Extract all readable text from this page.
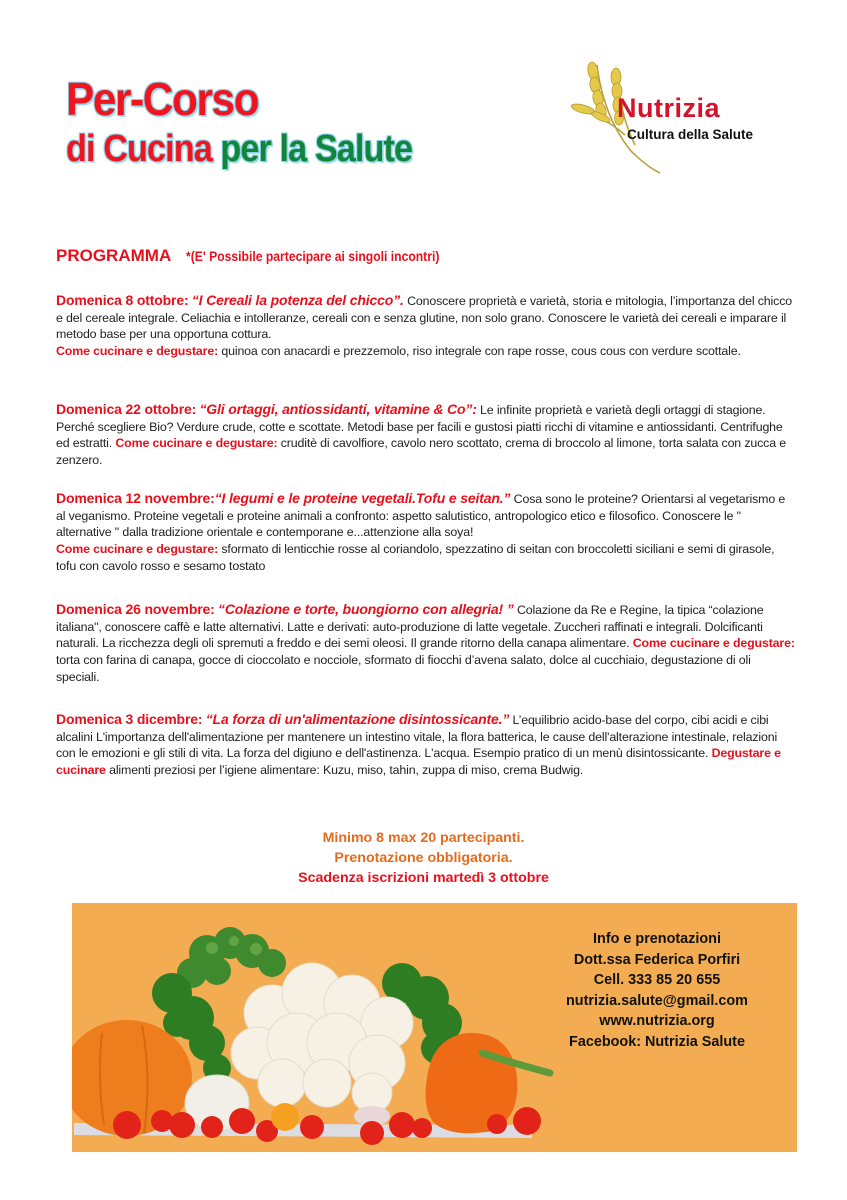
Per-Corso
di Cucina per la Salute
Nutrizia
Cultura della Salute
PROGRAMMA *(E' Possibile partecipare ai singoli incontri)
Domenica 8 ottobre: “I Cereali la potenza del chicco”. Conoscere proprietà e varietà, storia e mitologia, l’importanza del chicco e del cereale integrale. Celiachia e intolleranze, cereali con e senza glutine, non solo grano. Conoscere le varietà dei cereali e imparare il metodo base per una opportuna cottura.
Come cucinare e degustare: quinoa con anacardi e prezzemolo, riso integrale con rape rosse, cous cous con verdure scottale.
Domenica 22 ottobre: “Gli ortaggi, antiossidanti, vitamine & Co”: Le infinite proprietà e varietà degli ortaggi di stagione. Perché scegliere Bio? Verdure crude, cotte e scottate. Metodi base per facili e gustosi piatti ricchi di vitamine e antiossidanti. Centrifughe ed estratti. Come cucinare e degustare: cruditè di cavolfiore, cavolo nero scottato, crema di broccolo al limone, torta salata con zucca e zenzero.
Domenica 12 novembre:“I legumi e le proteine vegetali.Tofu e seitan.” Cosa sono le proteine? Orientarsi al vegetarismo e al veganismo. Proteine vegetali e proteine animali a confronto: aspetto salutistico, antropologico etico e filosofico. Conoscere le " alternative " dalla tradizione orientale e contemporane e...attenzione alla soya!
Come cucinare e degustare: sformato di lenticchie rosse al coriandolo, spezzatino di seitan con broccoletti siciliani e semi di girasole, tofu con cavolo rosso e sesamo tostato
Domenica 26 novembre: “Colazione e torte, buongiorno con allegria! ” Colazione da Re e Regine, la tipica “colazione italiana", conoscere caffè e latte alternativi. Latte e derivati: auto-produzione di latte vegetale. Zuccheri raffinati e integrali. Dolcificanti naturali. La ricchezza degli oli spremuti a freddo e dei semi oleosi. Il grande ritorno della canapa alimentare. Come cucinare e degustare: torta con farina di canapa, gocce di cioccolato e nocciole, sformato di fiocchi d’avena salato, dolce al cucchiaio, degustazione di oli speciali.
Domenica 3 dicembre: “La forza di un'alimentazione disintossicante.” L’equilibrio acido-base del corpo, cibi acidi e cibi alcalini L'importanza dell'alimentazione per mantenere un intestino vitale, la flora batterica, le cause dell'alterazione intestinale, relazioni con le emozioni e gli stili di vita. La forza del digiuno e dell'astinenza. L'acqua. Esempio pratico di un menù disintossicante. Degustare e cucinare alimenti preziosi per l’igiene alimentare: Kuzu, miso, tahin, zuppa di miso, crema Budwig.
Minimo 8 max 20 partecipanti.
Prenotazione obbligatoria.
Scadenza iscrizioni martedì 3 ottobre
Info e prenotazioni
Dott.ssa Federica Porfiri
Cell. 333 85 20 655
nutrizia.salute@gmail.com
www.nutrizia.org
Facebook: Nutrizia Salute
